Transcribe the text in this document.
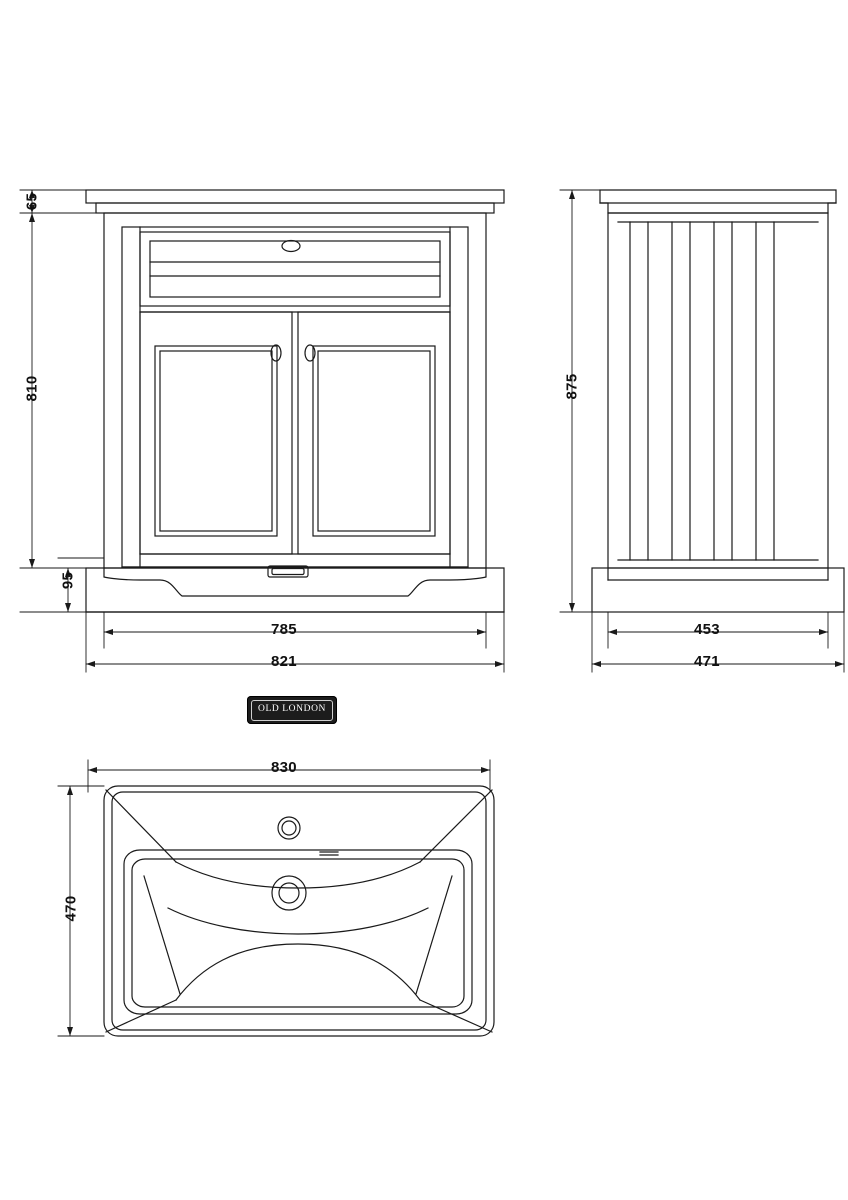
65
810
95
785
821
875
453
471
830
470
OLD LONDON
